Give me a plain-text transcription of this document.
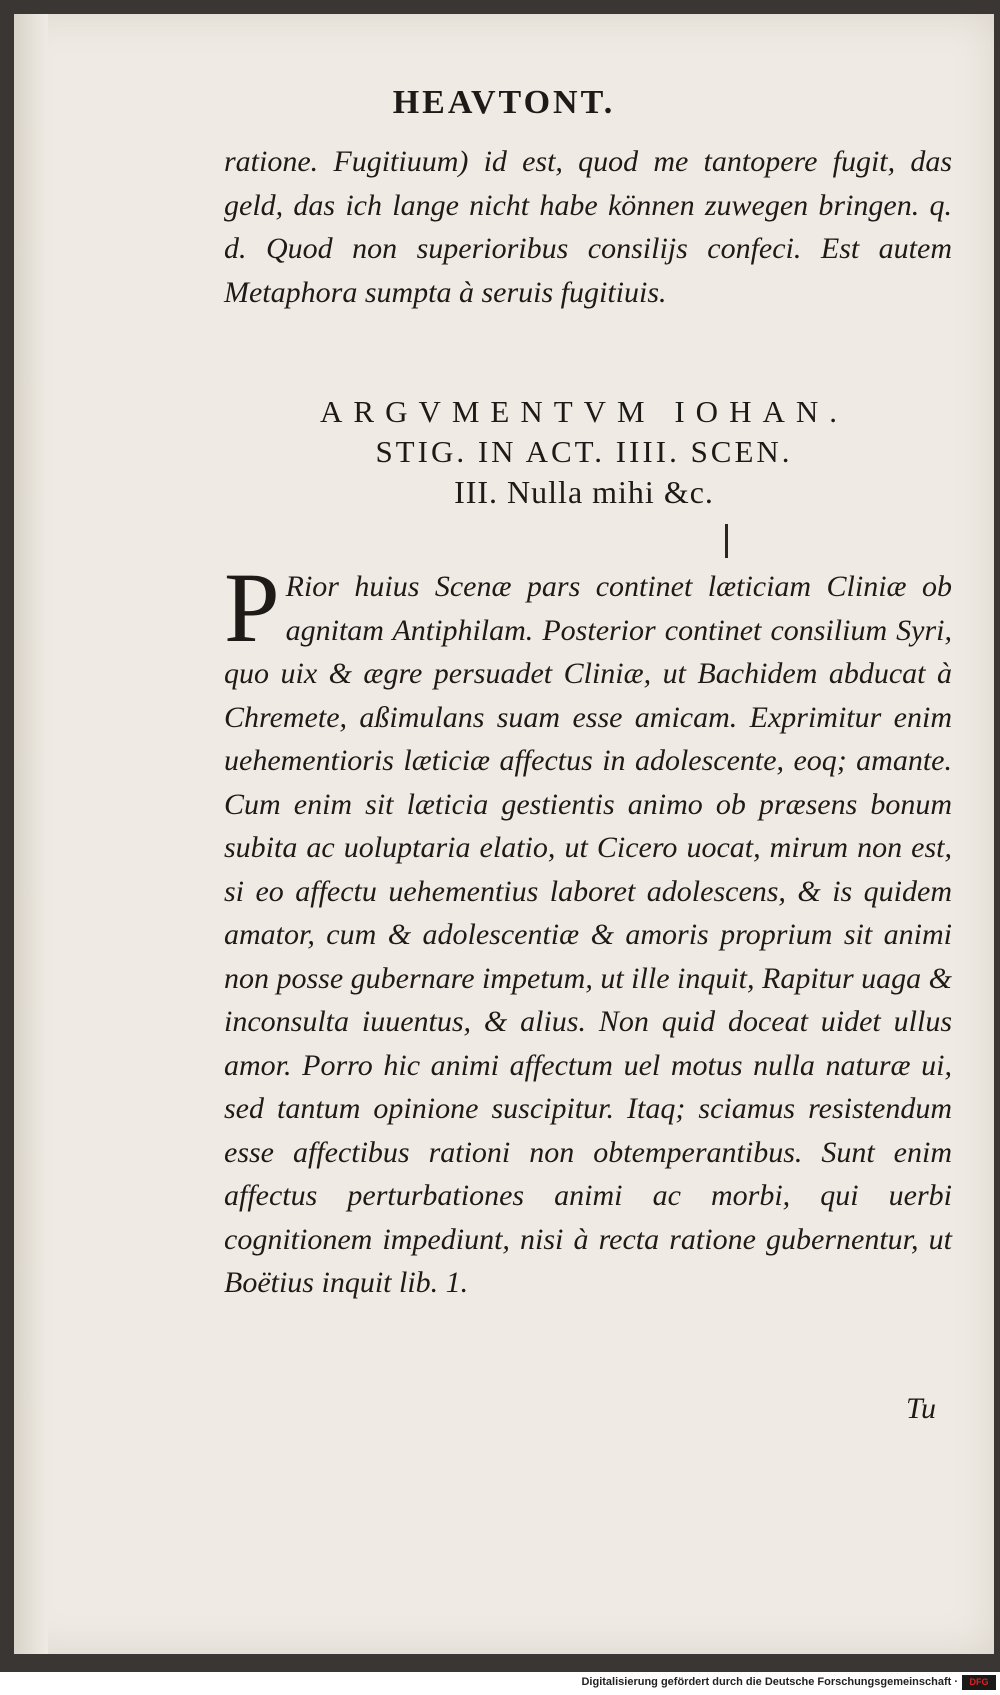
HEAVTONT.
ratione. Fugitiuum) id est, quod me tantopere fugit, das geld, das ich lange nicht habe können zuwegen bringen. q. d. Quod non superioribus consilijs confeci. Est autem Metaphora sumpta à seruis fugitiuis.
ARGVMENTVM IOHAN.
STIG. IN ACT. IIII. SCEN.
III. Nulla mihi &c.
P Rior huius Scenæ pars continet læticiam Cliniæ ob agnitam Antiphilam. Posterior continet consilium Syri, quo uix & ægre persuadet Cliniæ, ut Bachidem abducat à Chremete, aßimulans suam esse amicam. Exprimitur enim uehementioris læticiæ affectus in adolescente, eoq; amante. Cum enim sit læticia gestientis animo ob præsens bonum subita ac uoluptaria elatio, ut Cicero uocat, mirum non est, si eo affectu uehementius laboret adolescens, & is quidem amator, cum & adolescentiæ & amoris proprium sit animi non posse gubernare impetum, ut ille inquit, Rapitur uaga & inconsulta iuuentus, & alius. Non quid doceat uidet ullus amor. Porro hic animi affectum uel motus nulla naturæ ui, sed tantum opinione suscipitur. Itaq; sciamus resistendum esse affectibus rationi non obtemperantibus. Sunt enim affectus perturbationes animi ac morbi, qui uerbi cognitionem impediunt, nisi à recta ratione gubernentur, ut Boëtius inquit lib. 1.
Tu
Digitalisierung gefördert durch die Deutsche Forschungsgemeinschaft ·	DFG
